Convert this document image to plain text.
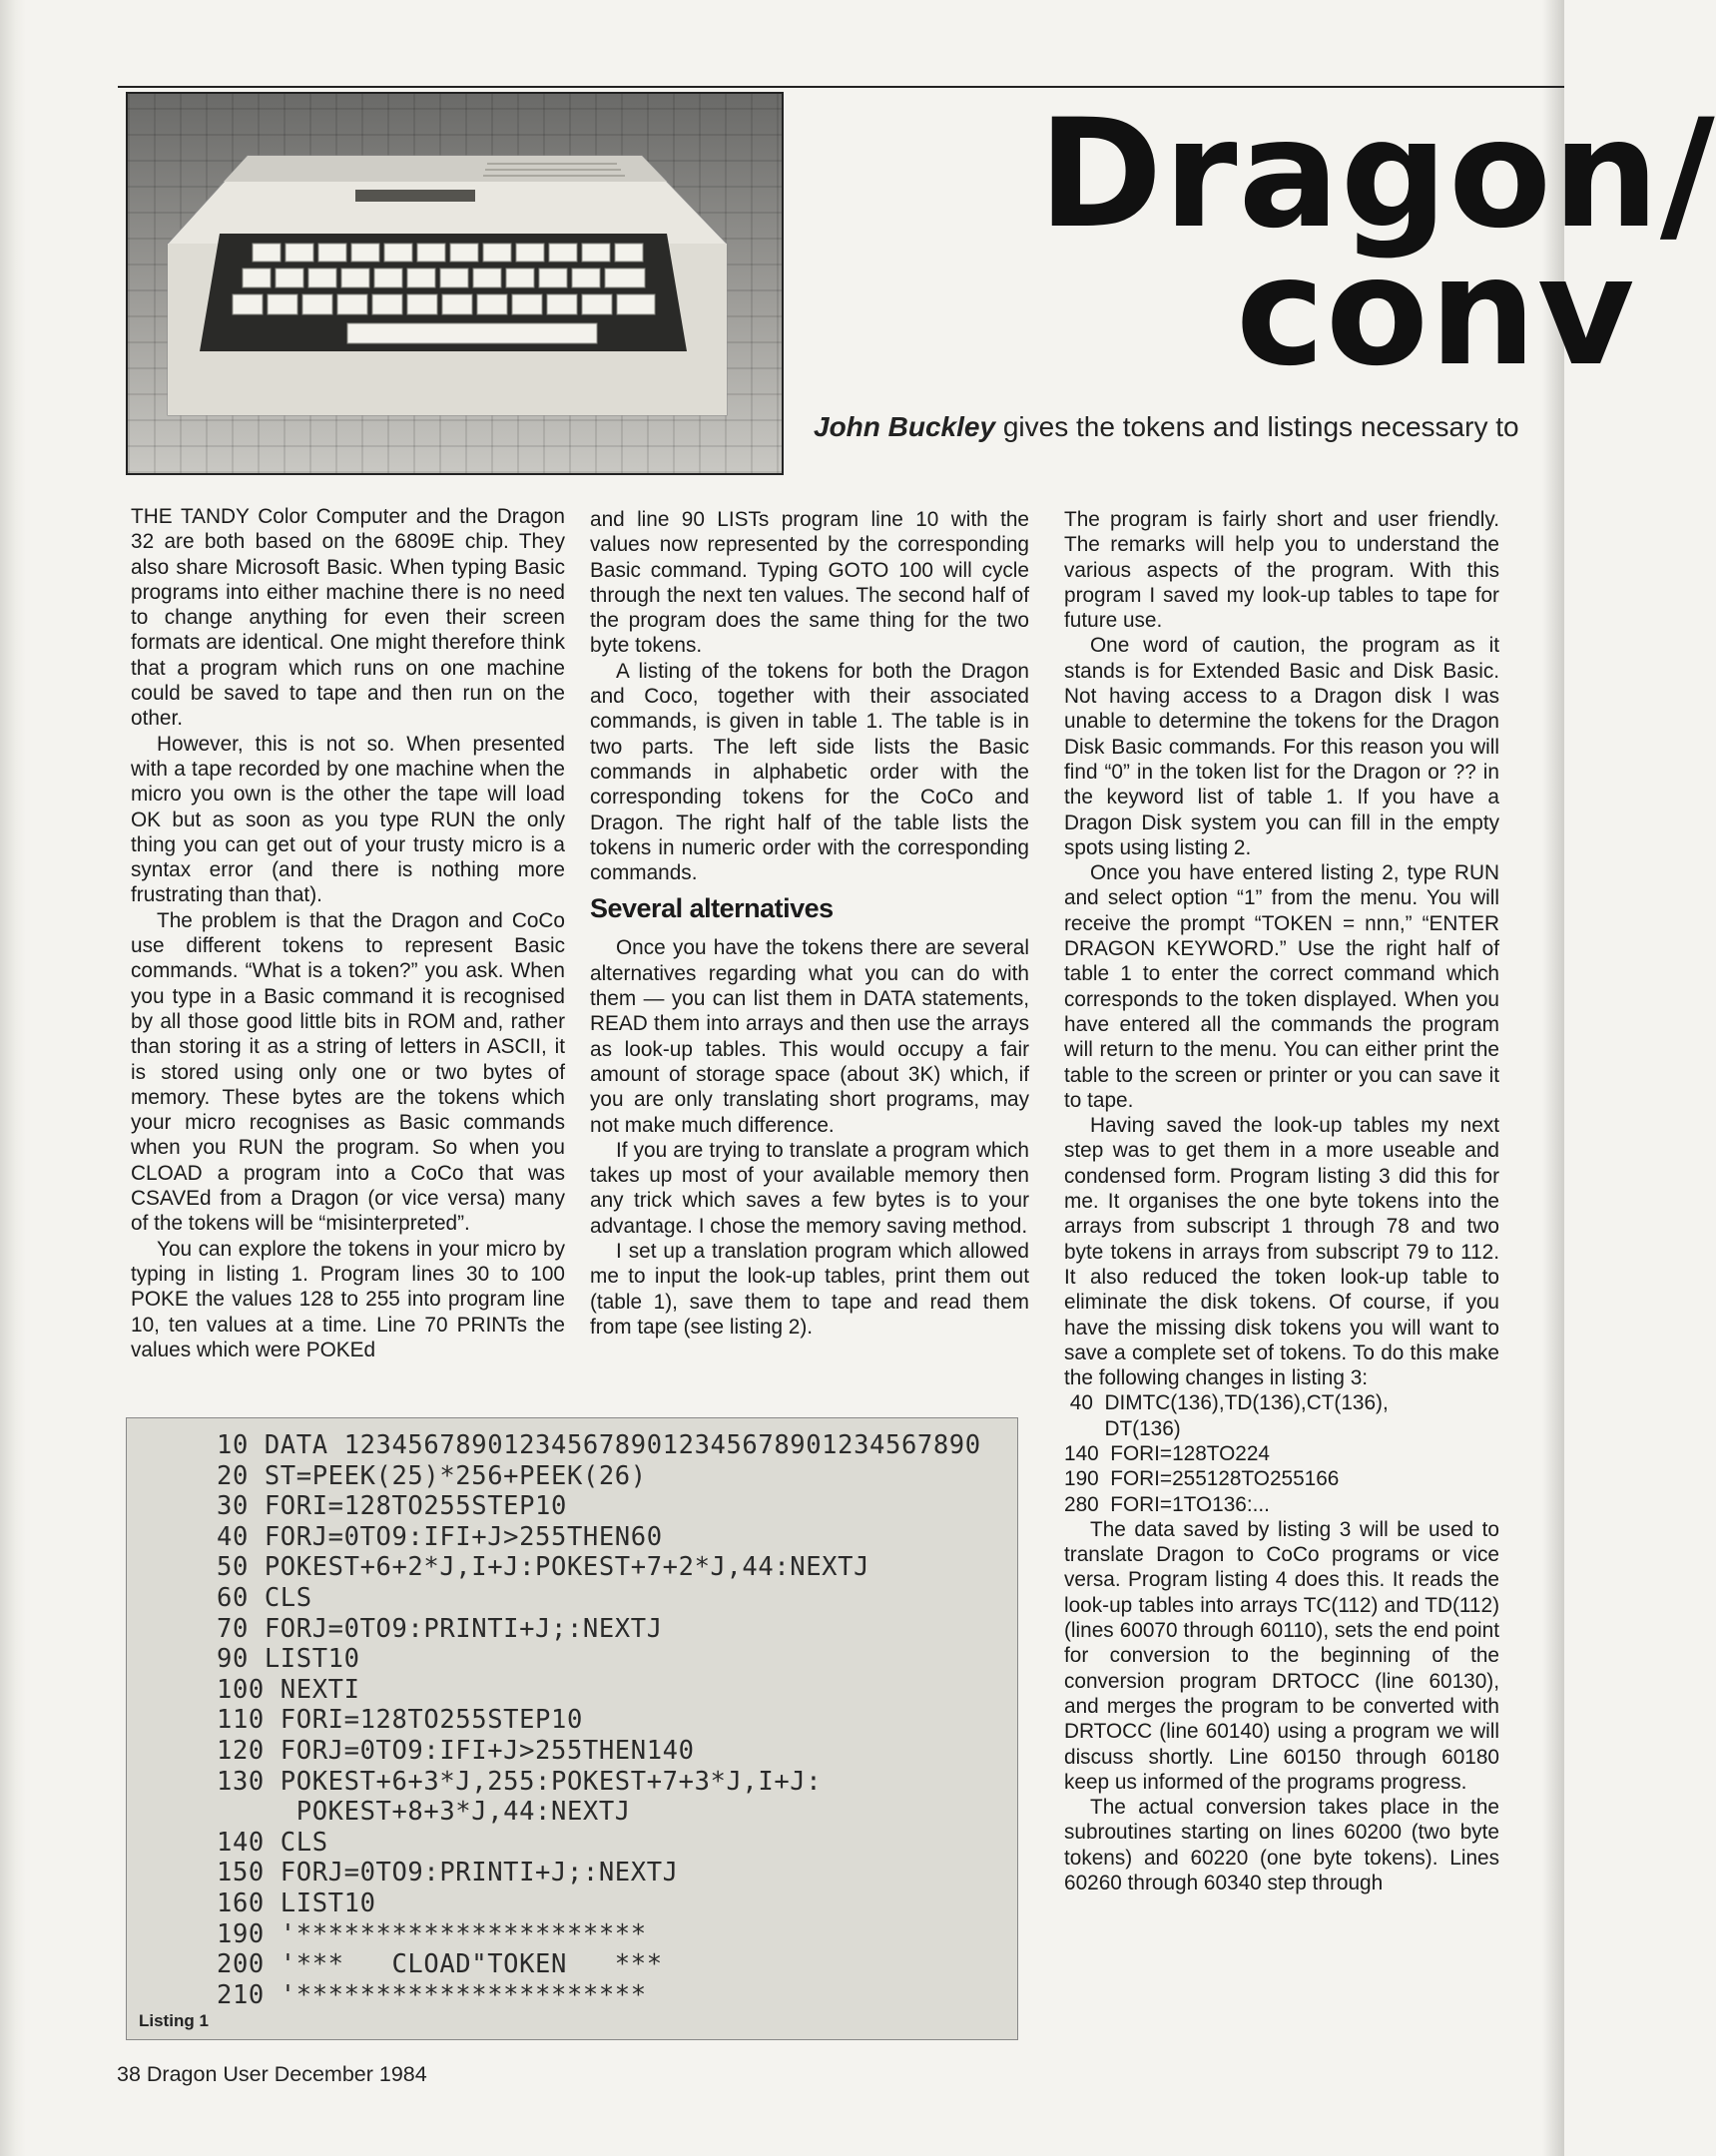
Dragon/
conv

John Buckley gives the tokens and listings necessary to

THE TANDY Color Computer and the Dragon 32 are both based on the 6809E chip. They also share Microsoft Basic. When typing Basic programs into either machine there is no need to change anything for even their screen formats are identical. One might therefore think that a program which runs on one machine could be saved to tape and then run on the other.

However, this is not so. When presented with a tape recorded by one machine when the micro you own is the other the tape will load OK but as soon as you type RUN the only thing you can get out of your trusty micro is a syntax error (and there is nothing more frustrating than that).

The problem is that the Dragon and CoCo use different tokens to represent Basic commands. “What is a token?” you ask. When you type in a Basic command it is recognised by all those good little bits in ROM and, rather than storing it as a string of letters in ASCII, it is stored using only one or two bytes of memory. These bytes are the tokens which your micro recognises as Basic commands when you RUN the program. So when you CLOAD a program into a CoCo that was CSAVEd from a Dragon (or vice versa) many of the tokens will be “misinterpreted”.

You can explore the tokens in your micro by typing in listing 1. Program lines 30 to 100 POKE the values 128 to 255 into program line 10, ten values at a time. Line 70 PRINTs the values which were POKEd

and line 90 LISTs program line 10 with the values now represented by the corresponding Basic command. Typing GOTO 100 will cycle through the next ten values. The second half of the program does the same thing for the two byte tokens.

A listing of the tokens for both the Dragon and Coco, together with their associated commands, is given in table 1. The table is in two parts. The left side lists the Basic commands in alphabetic order with the corresponding tokens for the CoCo and Dragon. The right half of the table lists the tokens in numeric order with the corresponding commands.

Several alternatives

Once you have the tokens there are several alternatives regarding what you can do with them — you can list them in DATA statements, READ them into arrays and then use the arrays as look-up tables. This would occupy a fair amount of storage space (about 3K) which, if you are only translating short programs, may not make much difference.

If you are trying to translate a program which takes up most of your available memory then any trick which saves a few bytes is to your advantage. I chose the memory saving method.

I set up a translation program which allowed me to input the look-up tables, print them out (table 1), save them to tape and read them from tape (see listing 2).

The program is fairly short and user friendly. The remarks will help you to understand the various aspects of the program. With this program I saved my look-up tables to tape for future use.

One word of caution, the program as it stands is for Extended Basic and Disk Basic. Not having access to a Dragon disk I was unable to determine the tokens for the Dragon Disk Basic commands. For this reason you will find “0” in the token list for the Dragon or ?? in the keyword list of table 1. If you have a Dragon Disk system you can fill in the empty spots using listing 2.

Once you have entered listing 2, type RUN and select option “1” from the menu. You will receive the prompt “TOKEN = nnn,” “ENTER DRAGON KEYWORD.” Use the right half of table 1 to enter the correct command which corresponds to the token displayed. When you have entered all the commands the program will return to the menu. You can either print the table to the screen or printer or you can save it to tape.

Having saved the look-up tables my next step was to get them in a more useable and condensed form. Program listing 3 did this for me. It organises the one byte tokens into the arrays from subscript 1 through 78 and two byte tokens in arrays from subscript 79 to 112. It also reduced the token look-up table to eliminate the disk tokens. Of course, if you have the missing disk tokens you will want to save a complete set of tokens. To do this make the following changes in listing 3:

40  DIMTC(136),TD(136),CT(136),

DT(136)

140  FORI=128TO224

190  FORI=255128TO255166

280  FORI=1TO136:...

The data saved by listing 3 will be used to translate Dragon to CoCo programs or vice versa. Program listing 4 does this. It reads the look-up tables into arrays TC(112) and TD(112) (lines 60070 through 60110), sets the end point for conversion to the beginning of the conversion program DRTOCC (line 60130), and merges the program to be converted with DRTOCC (line 60140) using a program we will discuss shortly. Line 60150 through 60180 keep us informed of the programs progress.

The actual conversion takes place in the subroutines starting on lines 60200 (two byte tokens) and 60220 (one byte tokens). Lines 60260 through 60340 step through

10 DATA 1234567890123456789012345678901234567890
20 ST=PEEK(25)*256+PEEK(26)
30 FORI=128TO255STEP10
40 FORJ=0TO9:IFI+J>255THEN60
50 POKEST+6+2*J,I+J:POKEST+7+2*J,44:NEXTJ
60 CLS
70 FORJ=0TO9:PRINTI+J;:NEXTJ
90 LIST10
100 NEXTI
110 FORI=128TO255STEP10
120 FORJ=0TO9:IFI+J>255THEN140
130 POKEST+6+3*J,255:POKEST+7+3*J,I+J:
POKEST+8+3*J,44:NEXTJ
140 CLS
150 FORJ=0TO9:PRINTI+J;:NEXTJ
160 LIST10
190 '**********************
200 '***   CLOAD"TOKEN   ***
210 '**********************
Listing 1

38 Dragon User December 1984
